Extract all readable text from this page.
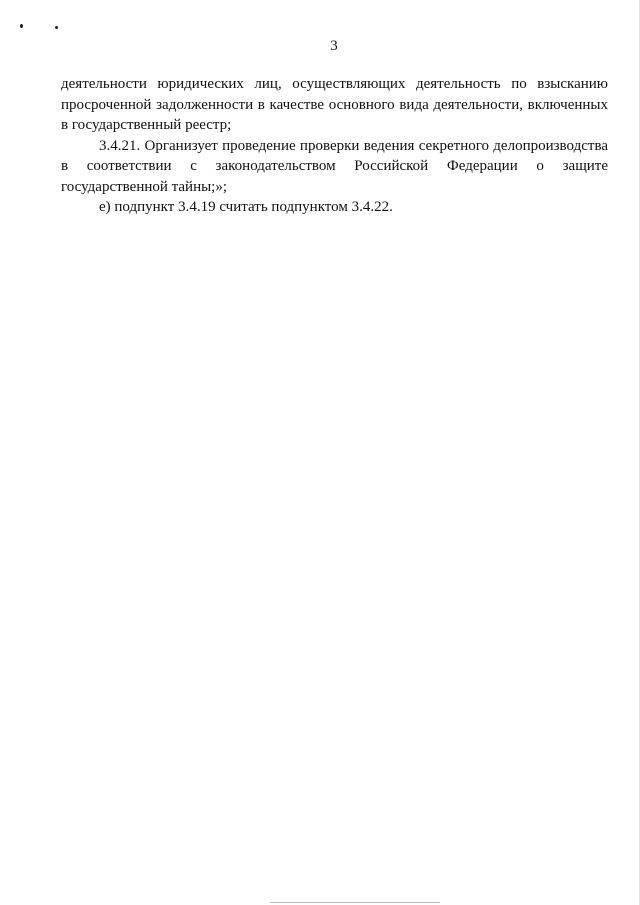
3

деятельности юридических лиц, осуществляющих деятельность по взысканию
просроченной задолженности в качестве основного вида деятельности, включенных
в государственный реестр;

3.4.21. Организует проведение проверки ведения секретного делопроизводства
в соответствии с законодательством Российской Федерации о защите
государственной тайны;»;

е) подпункт 3.4.19 считать подпунктом 3.4.22.
